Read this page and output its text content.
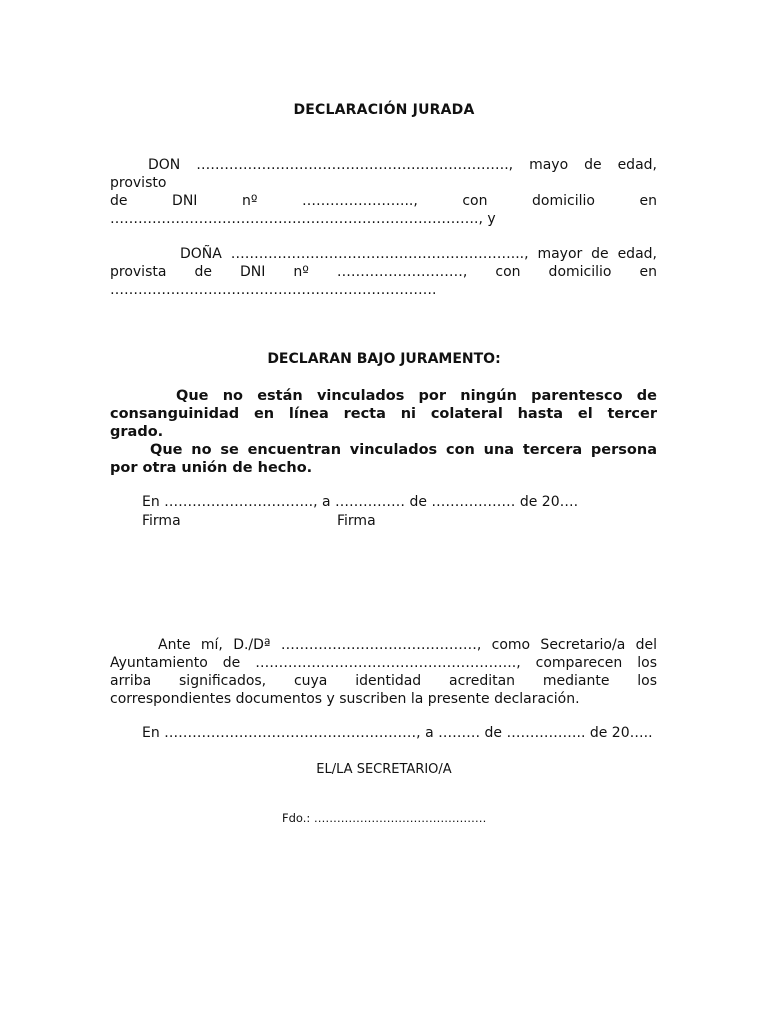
DECLARACIÓN JURADA

DON …………………………………………………………., mayo de edad, provisto

de DNI nº …………………..., con domicilio en

……………………………………………………………………., y

DOÑA ……………………………………………………..., mayor de edad,

provista de DNI nº ………………………, con domicilio en

…………………………………………………………….

DECLARAN BAJO JURAMENTO:

Que no están vinculados por ningún parentesco de

consanguinidad en línea recta ni colateral hasta el tercer

grado.

Que no se encuentran vinculados con una tercera persona

por otra unión de hecho.

En ………………………….., a …………… de ……………… de 20….
Firma	Firma

Ante mí, D./Dª ……………………………………, como Secretario/a del

Ayuntamiento de ……………………………………………….., comparecen los

arriba significados, cuya identidad acreditan mediante los

correspondientes documentos y suscriben la presente declaración.

En ………………………………………………, a ……… de …………….. de 20…..
EL/LA SECRETARIO/A
Fdo.: ………………………………………
